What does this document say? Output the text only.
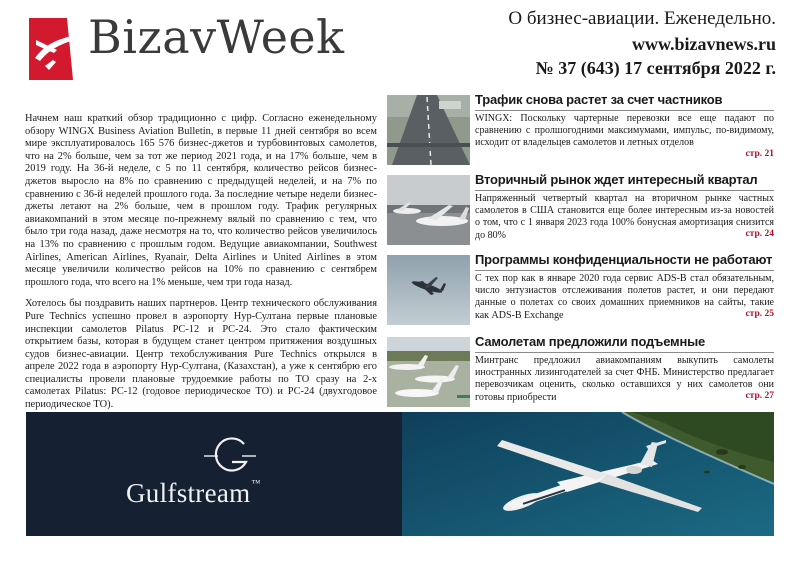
BizavWeek	О бизнес-авиации. Еженедельно.
www.bizavnews.ru
№ 37 (643) 17 сентября 2022 г.

Начнем наш краткий обзор традиционно с цифр. Согласно еженедельному обзору WINGX Business Aviation Bulletin, в первые 11 дней сентября во всем мире эксплуатировалось 165 576 бизнес-джетов и турбовинтовых самолетов, что на 2% больше, чем за тот же период 2021 года, и на 17% больше, чем в 2019 году. На 36-й неделе, с 5 по 11 сентября, количество рейсов бизнес-джетов выросло на 8% по сравнению с предыдущей неделей, и на 7% по сравнению с 36-й неделей прошлого года. За последние четыре недели бизнес-джеты летают на 2% больше, чем в прошлом году. Трафик регулярных авиакомпаний в этом месяце по-прежнему вялый по сравнению с тем, что было три года назад, даже несмотря на то, что количество рейсов увеличилось на 13% по сравнению с прошлым годом. Ведущие авиакомпании, Southwest Airlines, American Airlines, Ryanair, Delta Airlines и United Airlines в этом месяце увеличили количество рейсов на 10% по сравнению с сентябрем прошлого года, что всего на 1% меньше, чем три года назад.

Хотелось бы поздравить наших партнеров. Центр технического обслуживания Pure Technics успешно провел в аэропорту Нур-Султана первые плановые инспекции самолетов Pilatus PC-12 и PC-24. Это стало фактическим открытием базы, которая в будущем станет центром притяжения воздушных судов бизнес-авиации. Центр техобслуживания Pure Technics открылся в апреле 2022 года в аэропорту Нур-Султана, (Казахстан), а уже к сентябрю его специалисты провели плановые трудоемкие работы по ТО сразу на 2-х самолетах Pilatus: PC-12 (годовое периодическое ТО) и PC-24 (двухгодовое периодическое ТО).

Трафик снова растет за счет частников
WINGX: Поскольку чартерные перевозки все еще падают по сравнению с пролшогодними максимумами, импульс, по-видимому, исходит от владельцев самолетов и летных отделов
стр. 21
Вторичный рынок ждет интересный квартал
Напряженный четвертый квартал на вторичном рынке частных самолетов в США становится еще более интересным из-за новостей о том, что с 1 января 2023 года 100% бонусная амортизация снизится до 80%	стр. 24
Программы конфиденциальности не работают
С тех пор как в январе 2020 года сервис ADS-B стал обязательным, число энтузиастов отслеживания полетов растет, и они передают данные о полетах со своих домашних приемников на сайты, такие как ADS-B Exchange	стр. 25
Самолетам предложили подъемные
Минтранс предложил авиакомпаниям выкупить самолеты иностранных лизингодателей за счет ФНБ. Министерство предлагает перевозчикам оценить, сколько оставшихся у них самолетов они готовы приобрести	стр. 27
Gulfstream™
